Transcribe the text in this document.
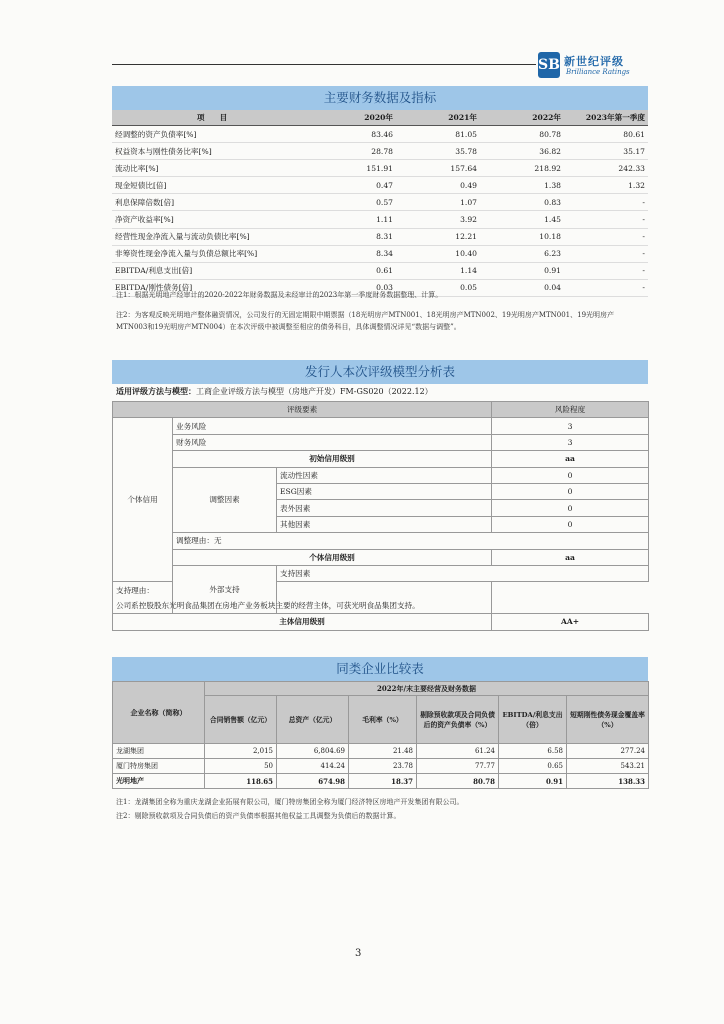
SB 新世纪评级
Brilliance Ratings
主要财务数据及指标
项　　目	2020年	2021年	2022年	2023年第一季度
经调整的资产负债率[%]	83.46	81.05	80.78	80.61
权益资本与刚性债务比率[%]	28.78	35.78	36.82	35.17
流动比率[%]	151.91	157.64	218.92	242.33
现金短债比[倍]	0.47	0.49	1.38	1.32
利息保障倍数[倍]	0.57	1.07	0.83	-
净资产收益率[%]	1.11	3.92	1.45	-
经营性现金净流入量与流动负债比率[%]	8.31	12.21	10.18	-
非筹资性现金净流入量与负债总额比率[%]	8.34	10.40	6.23	-
EBITDA/利息支出[倍]	0.61	1.14	0.91	-
EBITDA/刚性债务[倍]	0.03	0.05	0.04	-
注1：根据光明地产经审计的2020-2022年财务数据及未经审计的2023年第一季度财务数据整理、计算。
注2：为客观反映光明地产整体融资情况，公司发行的无固定期限中期票据（18光明房产MTN001、18光明房产MTN002、19光明房产MTN001、19光明房产MTN003和19光明房产MTN004）在本次评级中被调整至相应的债务科目，具体调整情况详见“数据与调整”。
发行人本次评级模型分析表
适用评级方法与模型：工商企业评级方法与模型（房地产开发）FM-GS020（2022.12）
评级要素			风险程度	
个体信用	业务风险		3	
	财务风险		3	
	初始信用级别		aa	
	调整因素	流动性因素	0	
		ESG因素	0	
		表外因素	0	
		其他因素	0	
	调整理由：无			
	个体信用级别		aa	
	外部支持	支持因素	
支持理由：
公司系控股股东光明食品集团在房地产业务板块主要的经营主体，可获光明食品集团支持。				
主体信用级别			AA+	
同类企业比较表
企业名称（简称）	2022年/末主要经营及财务数据					
	合同销售额（亿元）	总资产（亿元）	毛利率（%）	剔除预收款项及合同负债后的资产负债率（%）	EBITDA/利息支出（倍）	短期刚性债务现金覆盖率（%）
龙湖集团	2,015	6,804.69	21.48	61.24	6.58	277.24
厦门特房集团	50	414.24	23.78	77.77	0.65	543.21
光明地产	118.65	674.98	18.37	80.78	0.91	138.33
注1：龙湖集团全称为重庆龙湖企业拓展有限公司，厦门特房集团全称为厦门经济特区房地产开发集团有限公司。
注2：剔除预收款项及合同负债后的资产负债率根据其他权益工具调整为负债后的数据计算。
3
